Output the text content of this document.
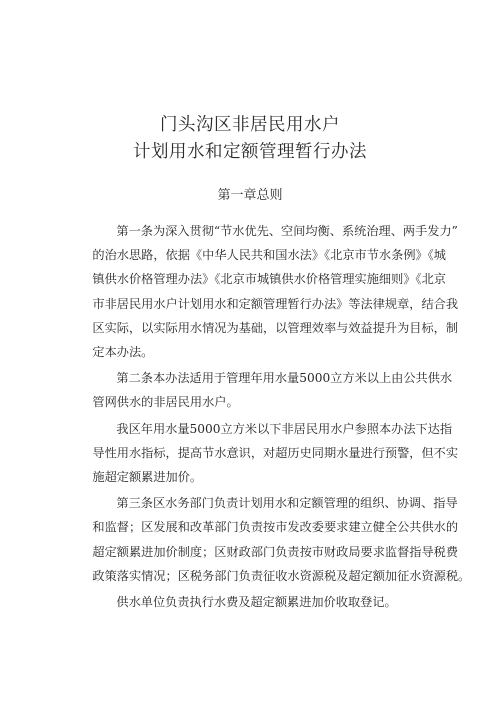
门头沟区非居民用水户
计划用水和定额管理暂行办法
第一章总则

第一条为深入贯彻“节水优先、空间均衡、系统治理、两手发力”
的治水思路，依据《中华人民共和国水法》《北京市节水条例》《城
镇供水价格管理办法》《北京市城镇供水价格管理实施细则》《北京
市非居民用水户计划用水和定额管理暂行办法》等法律规章，结合我
区实际，以实际用水情况为基础，以管理效率与效益提升为目标，制
定本办法。

第二条本办法适用于管理年用水量5000立方米以上由公共供水
管网供水的非居民用水户。

我区年用水量5000立方米以下非居民用水户参照本办法下达指
导性用水指标，提高节水意识，对超历史同期水量进行预警，但不实
施超定额累进加价。

第三条区水务部门负责计划用水和定额管理的组织、协调、指导
和监督；区发展和改革部门负责按市发改委要求建立健全公共供水的
超定额累进加价制度；区财政部门负责按市财政局要求监督指导税费
政策落实情况；区税务部门负责征收水资源税及超定额加征水资源税。

供水单位负责执行水费及超定额累进加价收取登记。
